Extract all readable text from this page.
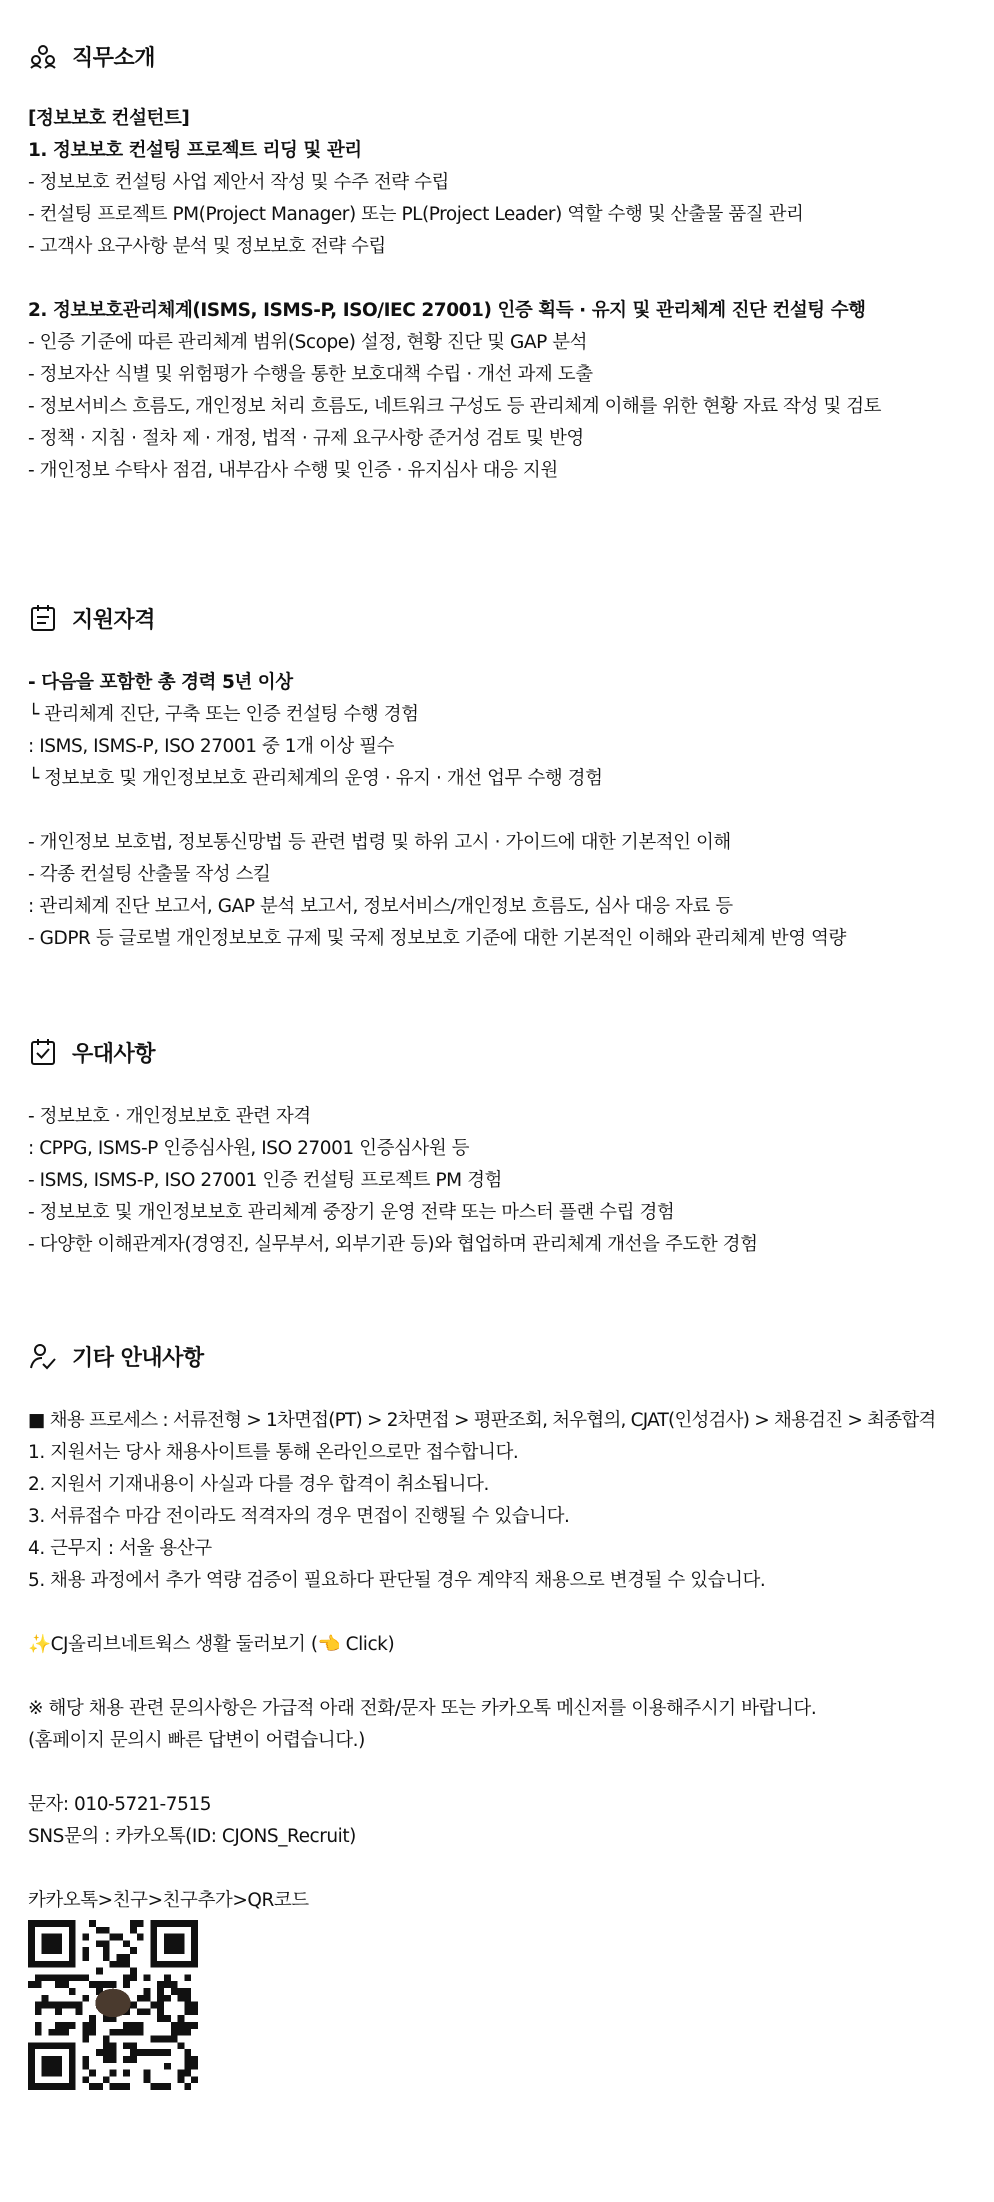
직무소개
[정보보호 컨설턴트]
1. 정보보호 컨설팅 프로젝트 리딩 및 관리
- 정보보호 컨설팅 사업 제안서 작성 및 수주 전략 수립
- 컨설팅 프로젝트 PM(Project Manager) 또는 PL(Project Leader) 역할 수행 및 산출물 품질 관리
- 고객사 요구사항 분석 및 정보보호 전략 수립
2. 정보보호관리체계(ISMS, ISMS-P, ISO/IEC 27001) 인증 획득 · 유지 및 관리체계 진단 컨설팅 수행
- 인증 기준에 따른 관리체계 범위(Scope) 설정, 현황 진단 및 GAP 분석
- 정보자산 식별 및 위험평가 수행을 통한 보호대책 수립 · 개선 과제 도출
- 정보서비스 흐름도, 개인정보 처리 흐름도, 네트워크 구성도 등 관리체계 이해를 위한 현황 자료 작성 및 검토
- 정책 · 지침 · 절차 제 · 개정, 법적 · 규제 요구사항 준거성 검토 및 반영
- 개인정보 수탁사 점검, 내부감사 수행 및 인증 · 유지심사 대응 지원
지원자격
- 다음을 포함한 총 경력 5년 이상
└ 관리체계 진단, 구축 또는 인증 컨설팅 수행 경험
: ISMS, ISMS-P, ISO 27001 중 1개 이상 필수
└ 정보보호 및 개인정보보호 관리체계의 운영 · 유지 · 개선 업무 수행 경험
- 개인정보 보호법, 정보통신망법 등 관련 법령 및 하위 고시 · 가이드에 대한 기본적인 이해
- 각종 컨설팅 산출물 작성 스킬
: 관리체계 진단 보고서, GAP 분석 보고서, 정보서비스/개인정보 흐름도, 심사 대응 자료 등
- GDPR 등 글로벌 개인정보보호 규제 및 국제 정보보호 기준에 대한 기본적인 이해와 관리체계 반영 역량
우대사항
- 정보보호 · 개인정보보호 관련 자격
: CPPG, ISMS-P 인증심사원, ISO 27001 인증심사원 등
- ISMS, ISMS-P, ISO 27001 인증 컨설팅 프로젝트 PM 경험
- 정보보호 및 개인정보보호 관리체계 중장기 운영 전략 또는 마스터 플랜 수립 경험
- 다양한 이해관계자(경영진, 실무부서, 외부기관 등)와 협업하며 관리체계 개선을 주도한 경험
기타 안내사항
■ 채용 프로세스 : 서류전형 > 1차면접(PT) > 2차면접 > 평판조회, 처우협의, CJAT(인성검사) > 채용검진 > 최종합격
1. 지원서는 당사 채용사이트를 통해 온라인으로만 접수합니다.
2. 지원서 기재내용이 사실과 다를 경우 합격이 취소됩니다.
3. 서류접수 마감 전이라도 적격자의 경우 면접이 진행될 수 있습니다.
4. 근무지 : 서울 용산구
5. 채용 과정에서 추가 역량 검증이 필요하다 판단될 경우 계약직 채용으로 변경될 수 있습니다.
✨CJ올리브네트웍스 생활 둘러보기 (👈 Click)
※ 해당 채용 관련 문의사항은 가급적 아래 전화/문자 또는 카카오톡 메신저를 이용해주시기 바랍니다.
(홈페이지 문의시 빠른 답변이 어렵습니다.)
문자: 010-5721-7515
SNS문의 : 카카오톡(ID: CJONS_Recruit)
카카오톡>친구>친구추가>QR코드
